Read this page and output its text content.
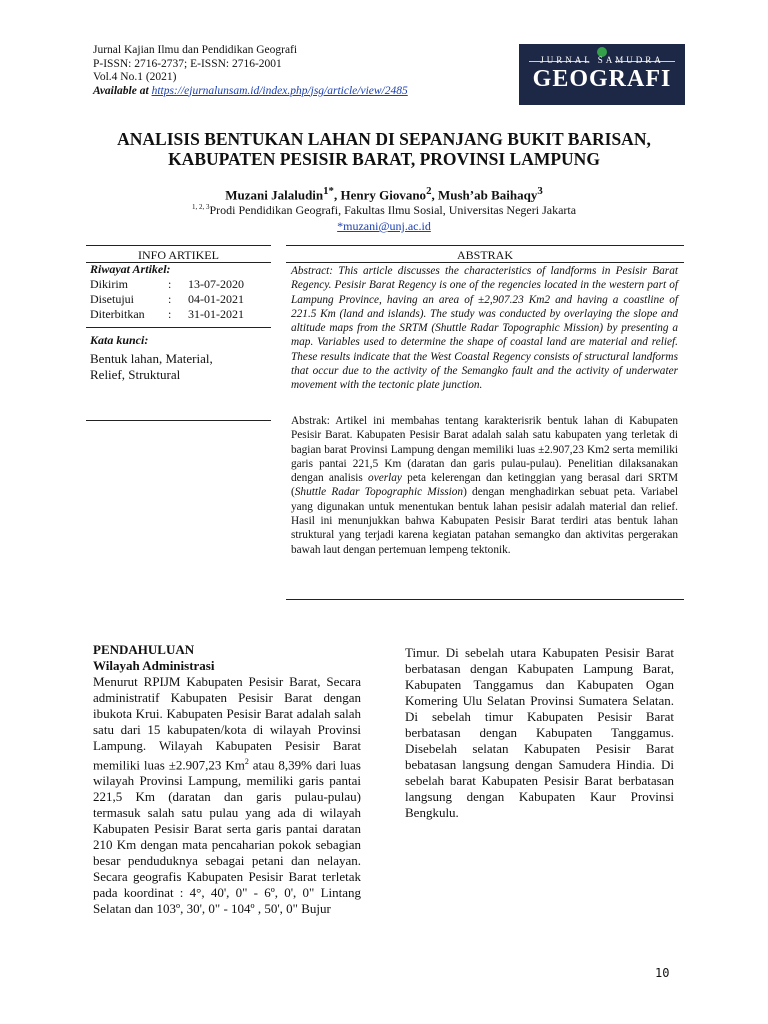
Jurnal Kajian Ilmu dan Pendidikan Geografi
P-ISSN: 2716-2737; E-ISSN: 2716-2001
Vol.4 No.1 (2021)
Available at https://ejurnalunsam.id/index.php/jsg/article/view/2485
JURNAL SAMUDRA
GEOGRAFI
ANALISIS BENTUKAN LAHAN DI SEPANJANG BUKIT BARISAN,
KABUPATEN PESISIR BARAT, PROVINSI LAMPUNG
Muzani Jalaludin$^{1*}$, Henry Giovano$^2$, Mush’ab Baihaqy$^3$
$^{1, 2, 3}$Prodi Pendidikan Geografi, Fakultas Ilmu Sosial, Universitas Negeri Jakarta
*muzani@unj.ac.id
INFO ARTIKEL	ABSTRAK
Riwayat Artikel:
Dikirim	:	13-07-2020
Disetujui	:	04-01-2021
Diterbitkan	:	31-01-2021
Kata kunci:
Bentuk lahan, Material,
Relief, Struktural
Abstract: This article discusses the characteristics of landforms in Pesisir Barat Regency. Pesisir Barat Regency is one of the regencies located in the western part of Lampung Province, having an area of ±2,907.23 Km2 and having a coastline of 221.5 Km (land and islands). The study was conducted by overlaying the slope and altitude maps from the SRTM (Shuttle Radar Topographic Mission) by presenting a map. Variables used to determine the shape of coastal land are material and relief. These results indicate that the West Coastal Regency consists of structural landforms that occur due to the activity of the Semangko fault and the activity of underwater movement with the tectonic plate junction.
Abstrak: Artikel ini membahas tentang karakterisrik bentuk lahan di Kabupaten Pesisir Barat. Kabupaten Pesisir Barat adalah salah satu kabupaten yang terletak di bagian barat Provinsi Lampung dengan memiliki luas ±2.907,23 Km2 serta memiliki garis pantai 221,5 Km (daratan dan garis pulau-pulau). Penelitian dilaksanakan dengan analisis overlay peta kelerengan dan ketinggian yang berasal dari SRTM (Shuttle Radar Topographic Mission) dengan menghadirkan sebuat peta. Variabel yang digunakan untuk menentukan bentuk lahan pesisir adalah material dan relief. Hasil ini menunjukkan bahwa Kabupaten Pesisir Barat terdiri atas bentuk lahan struktural yang terjadi karena kegiatan patahan semangko dan aktivitas pergerakan bawah laut dengan pertemuan lempeng tektonik.
PENDAHULUAN
Wilayah Administrasi
Menurut RPIJM Kabupaten Pesisir Barat, Secara administratif Kabupaten Pesisir Barat dengan ibukota Krui. Kabupaten Pesisir Barat adalah salah satu dari 15 kabupaten/kota di wilayah Provinsi Lampung. Wilayah Kabupaten Pesisir Barat memiliki luas ±2.907,23 Km$^2$ atau 8,39% dari luas wilayah Provinsi Lampung, memiliki garis pantai 221,5 Km (daratan dan garis pulau-pulau) termasuk salah satu pulau yang ada di wilayah Kabupaten Pesisir Barat serta garis pantai daratan 210 Km dengan mata pencaharian pokok sebagian besar penduduknya sebagai petani dan nelayan. Secara geografis Kabupaten Pesisir Barat terletak pada koordinat : 4°, 40', 0" - 6º, 0', 0" Lintang Selatan dan 103º, 30', 0" - 104º , 50', 0" Bujur
Timur. Di sebelah utara Kabupaten Pesisir Barat berbatasan dengan Kabupaten Lampung Barat, Kabupaten Tanggamus dan Kabupaten Ogan Komering Ulu Selatan Provinsi Sumatera Selatan. Di sebelah timur Kabupaten Pesisir Barat berbatasan dengan Kabupaten Tanggamus. Disebelah selatan Kabupaten Pesisir Barat bebatasan langsung dengan Samudera Hindia. Di sebelah barat Kabupaten Pesisir Barat berbatasan langsung dengan Kabupaten Kaur Provinsi Bengkulu.
10
